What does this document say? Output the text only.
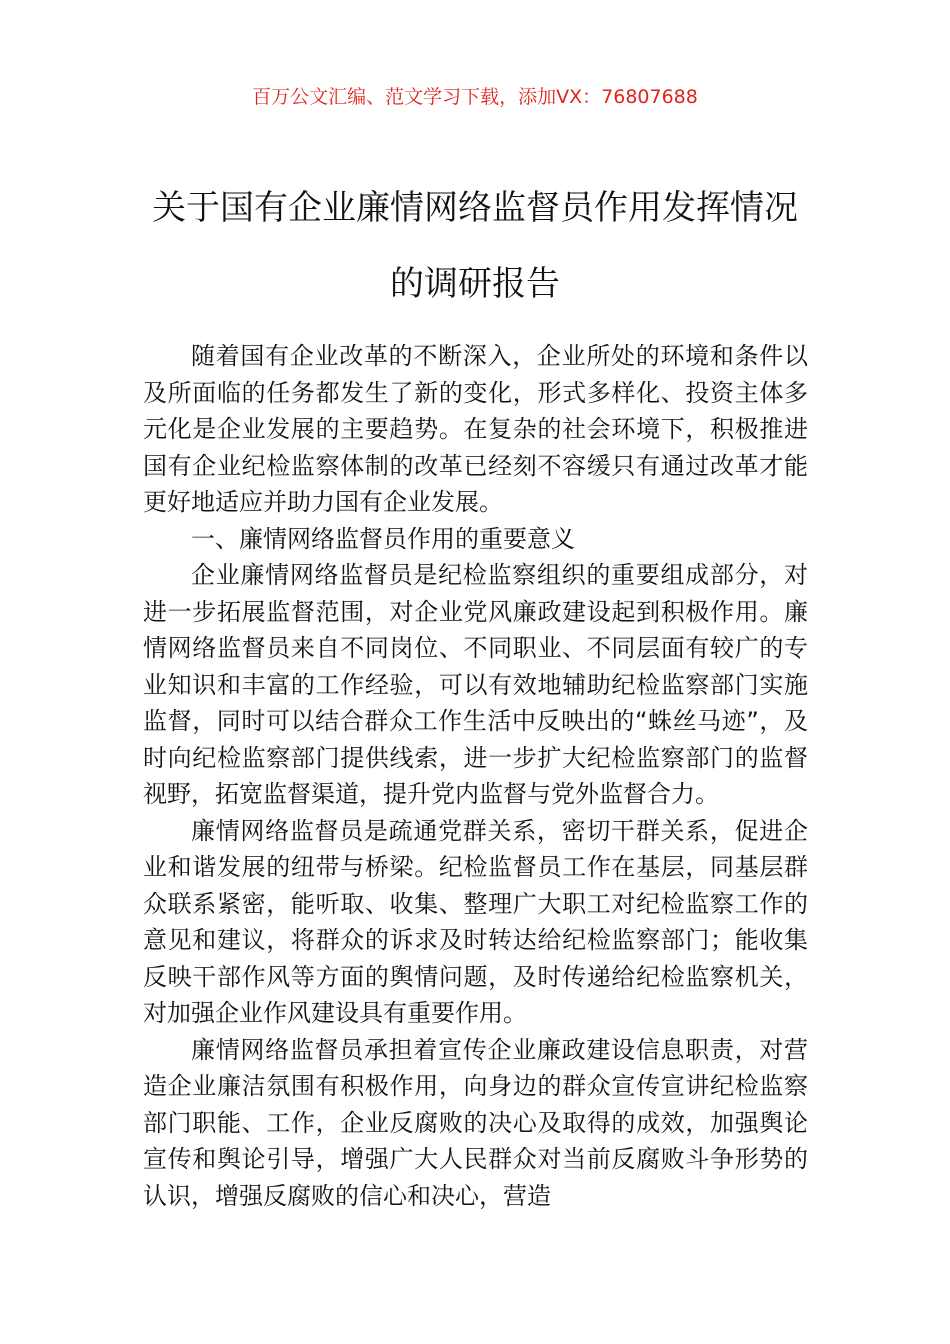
百万公文汇编、范文学习下载，添加VX：76807688
关于国有企业廉情网络监督员作用发挥情况的调研报告

随着国有企业改革的不断深入，企业所处的环境和条件以及所面临的任务都发生了新的变化，形式多样化、投资主体多元化是企业发展的主要趋势。在复杂的社会环境下，积极推进国有企业纪检监察体制的改革已经刻不容缓只有通过改革才能更好地适应并助力国有企业发展。

一、廉情网络监督员作用的重要意义

企业廉情网络监督员是纪检监察组织的重要组成部分，对进一步拓展监督范围，对企业党风廉政建设起到积极作用。廉情网络监督员来自不同岗位、不同职业、不同层面有较广的专业知识和丰富的工作经验，可以有效地辅助纪检监察部门实施监督，同时可以结合群众工作生活中反映出的“蛛丝马迹”，及时向纪检监察部门提供线索，进一步扩大纪检监察部门的监督视野，拓宽监督渠道，提升党内监督与党外监督合力。

廉情网络监督员是疏通党群关系，密切干群关系，促进企业和谐发展的纽带与桥梁。纪检监督员工作在基层，同基层群众联系紧密，能听取、收集、整理广大职工对纪检监察工作的意见和建议，将群众的诉求及时转达给纪检监察部门；能收集反映干部作风等方面的舆情问题，及时传递给纪检监察机关，对加强企业作风建设具有重要作用。

廉情网络监督员承担着宣传企业廉政建设信息职责，对营造企业廉洁氛围有积极作用，向身边的群众宣传宣讲纪检监察部门职能、工作，企业反腐败的决心及取得的成效，加强舆论宣传和舆论引导，增强广大人民群众对当前反腐败斗争形势的认识，增强反腐败的信心和决心，营造
